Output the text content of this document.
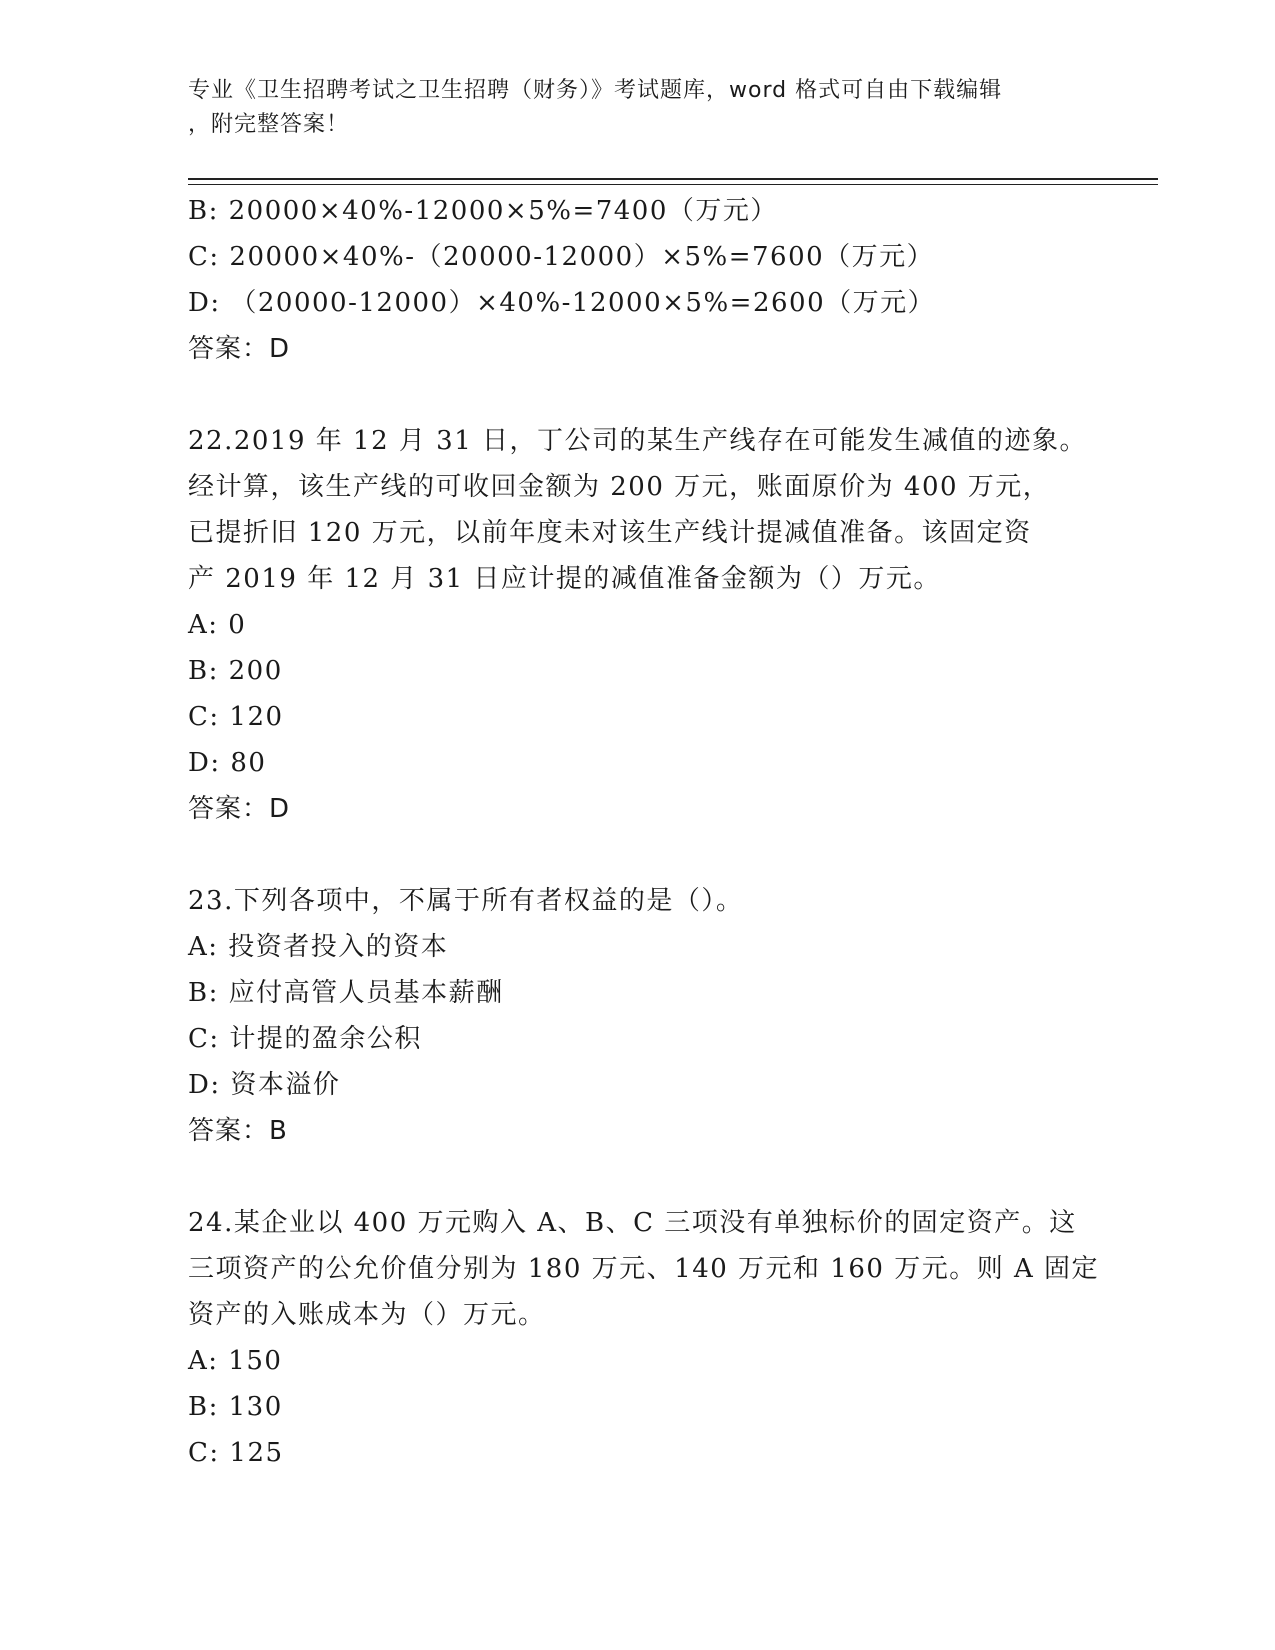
专业《卫生招聘考试之卫生招聘（财务）》考试题库，word 格式可自由下载编辑
，附完整答案！
B: 20000×40%-12000×5%=7400（万元）
C: 20000×40%-（20000-12000）×5%=7600（万元）
D: （20000-12000）×40%-12000×5%=2600（万元）
答案：D
22.2019 年 12 月 31 日，丁公司的某生产线存在可能发生减值的迹象。
经计算，该生产线的可收回金额为 200 万元，账面原价为 400 万元，
已提折旧 120 万元，以前年度未对该生产线计提减值准备。该固定资
产 2019 年 12 月 31 日应计提的减值准备金额为（）万元。
A: 0
B: 200
C: 120
D: 80
答案：D
23.下列各项中，不属于所有者权益的是（）。
A: 投资者投入的资本
B: 应付高管人员基本薪酬
C: 计提的盈余公积
D: 资本溢价
答案：B
24.某企业以 400 万元购入 A、B、C 三项没有单独标价的固定资产。这
三项资产的公允价值分别为 180 万元、140 万元和 160 万元。则 A 固定
资产的入账成本为（）万元。
A: 150
B: 130
C: 125
